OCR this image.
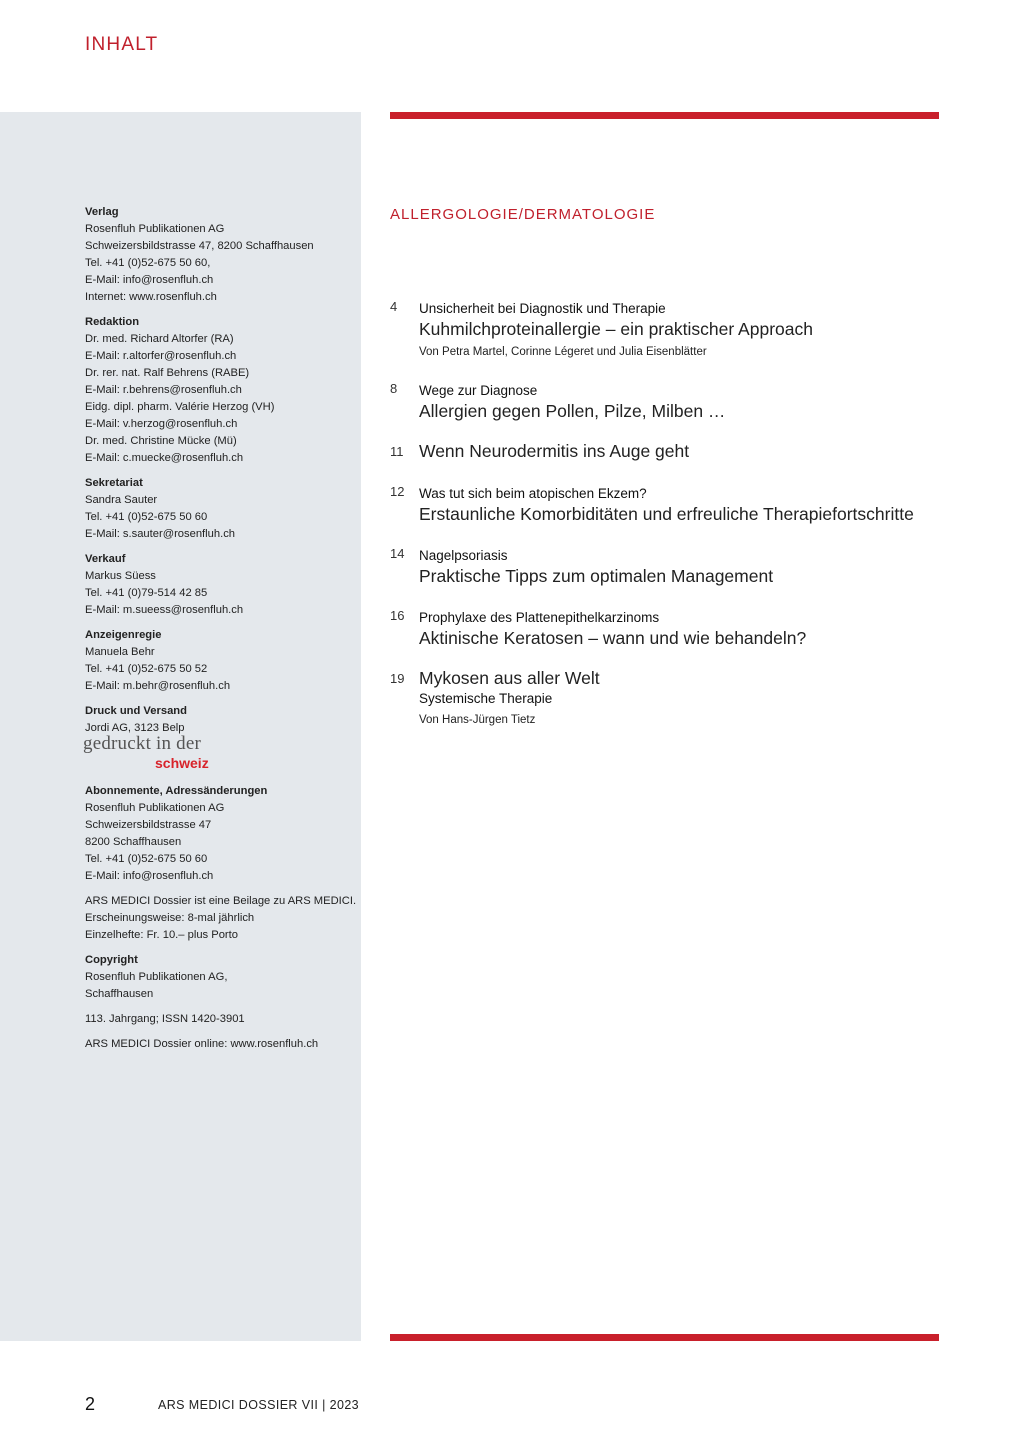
INHALT
Verlag
Rosenfluh Publikationen AG
Schweizersbildstrasse 47, 8200 Schaffhausen
Tel. +41 (0)52-675 50 60,
E-Mail: info@rosenfluh.ch
Internet: www.rosenfluh.ch
Redaktion
Dr. med. Richard Altorfer (RA)
E-Mail: r.altorfer@rosenfluh.ch
Dr. rer. nat. Ralf Behrens (RABE)
E-Mail: r.behrens@rosenfluh.ch
Eidg. dipl. pharm. Valérie Herzog (VH)
E-Mail: v.herzog@rosenfluh.ch
Dr. med. Christine Mücke (Mü)
E-Mail: c.muecke@rosenfluh.ch
Sekretariat
Sandra Sauter
Tel. +41 (0)52-675 50 60
E-Mail: s.sauter@rosenfluh.ch
Verkauf
Markus Süess
Tel. +41 (0)79-514 42 85
E-Mail: m.sueess@rosenfluh.ch
Anzeigenregie
Manuela Behr
Tel. +41 (0)52-675 50 52
E-Mail: m.behr@rosenfluh.ch
Druck und Versand
Jordi AG, 3123 Belp
gedruckt in der
schweiz
Abonnemente, Adressänderungen
Rosenfluh Publikationen AG
Schweizersbildstrasse 47
8200 Schaffhausen
Tel. +41 (0)52-675 50 60
E-Mail: info@rosenfluh.ch
ARS MEDICI Dossier ist eine Beilage zu ARS MEDICI.
Erscheinungsweise: 8-mal jährlich
Einzelhefte: Fr. 10.– plus Porto
Copyright
Rosenfluh Publikationen AG,
Schaffhausen
113. Jahrgang; ISSN 1420-3901
ARS MEDICI Dossier online: www.rosenfluh.ch
ALLERGOLOGIE/DERMATOLOGIE
4	Unsicherheit bei Diagnostik und Therapie
Kuhmilchproteinallergie – ein praktischer Approach
Von Petra Martel, Corinne Légeret und Julia Eisenblätter
8	Wege zur Diagnose
Allergien gegen Pollen, Pilze, Milben …
11 Wenn Neurodermitis ins Auge geht
12	Was tut sich beim atopischen Ekzem?
Erstaunliche Komorbiditäten und erfreuliche Therapiefortschritte
14	Nagelpsoriasis
Praktische Tipps zum optimalen Management
16	Prophylaxe des Plattenepithelkarzinoms
Aktinische Keratosen – wann und wie behandeln?
19 Mykosen aus aller Welt
Systemische Therapie
Von Hans-Jürgen Tietz
2	ARS MEDICI DOSSIER VII | 2023
